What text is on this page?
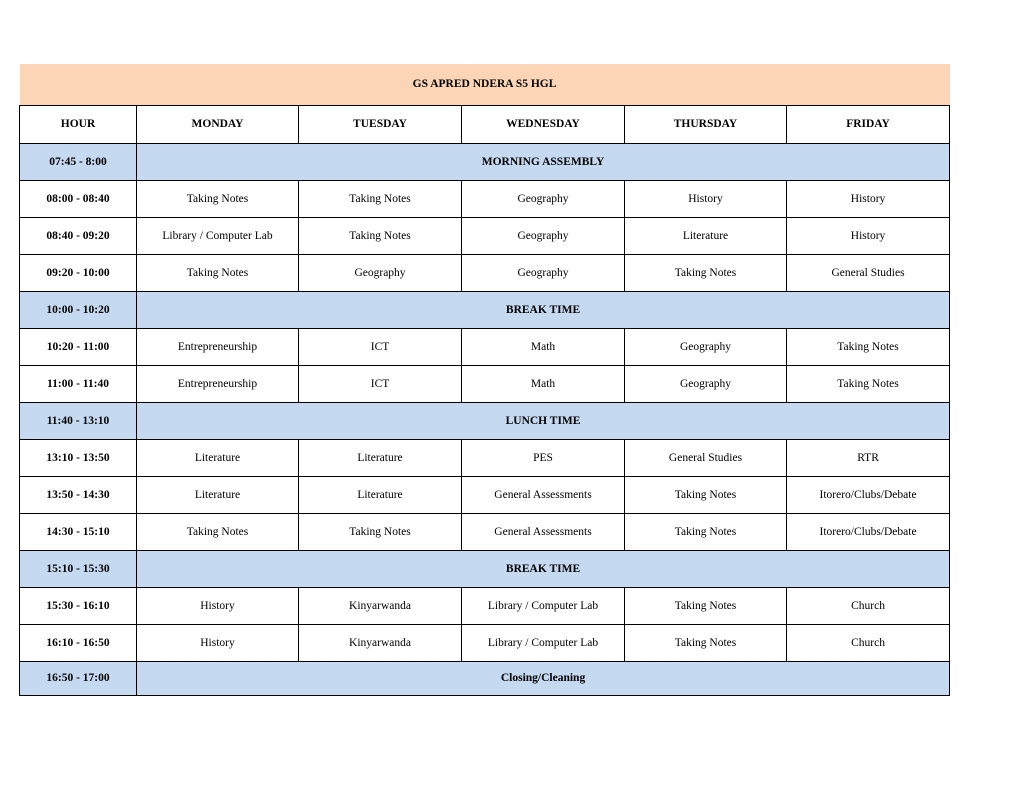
GS APRED NDERA S5 HGL					
HOUR	MONDAY	TUESDAY	WEDNESDAY	THURSDAY	FRIDAY
07:45 - 8:00	MORNING ASSEMBLY				
08:00 - 08:40	Taking Notes	Taking Notes	Geography	History	History
08:40 - 09:20	Library / Computer Lab	Taking Notes	Geography	Literature	History
09:20 - 10:00	Taking Notes	Geography	Geography	Taking Notes	General Studies
10:00 - 10:20	BREAK TIME				
10:20 - 11:00	Entrepreneurship	ICT	Math	Geography	Taking Notes
11:00 - 11:40	Entrepreneurship	ICT	Math	Geography	Taking Notes
11:40 - 13:10	LUNCH TIME				
13:10 - 13:50	Literature	Literature	PES	General Studies	RTR
13:50 - 14:30	Literature	Literature	General Assessments	Taking Notes	Itorero/Clubs/Debate
14:30 - 15:10	Taking Notes	Taking Notes	General Assessments	Taking Notes	Itorero/Clubs/Debate
15:10 - 15:30	BREAK TIME				
15:30 - 16:10	History	Kinyarwanda	Library / Computer Lab	Taking Notes	Church
16:10 - 16:50	History	Kinyarwanda	Library / Computer Lab	Taking Notes	Church
16:50 - 17:00	Closing/Cleaning				
